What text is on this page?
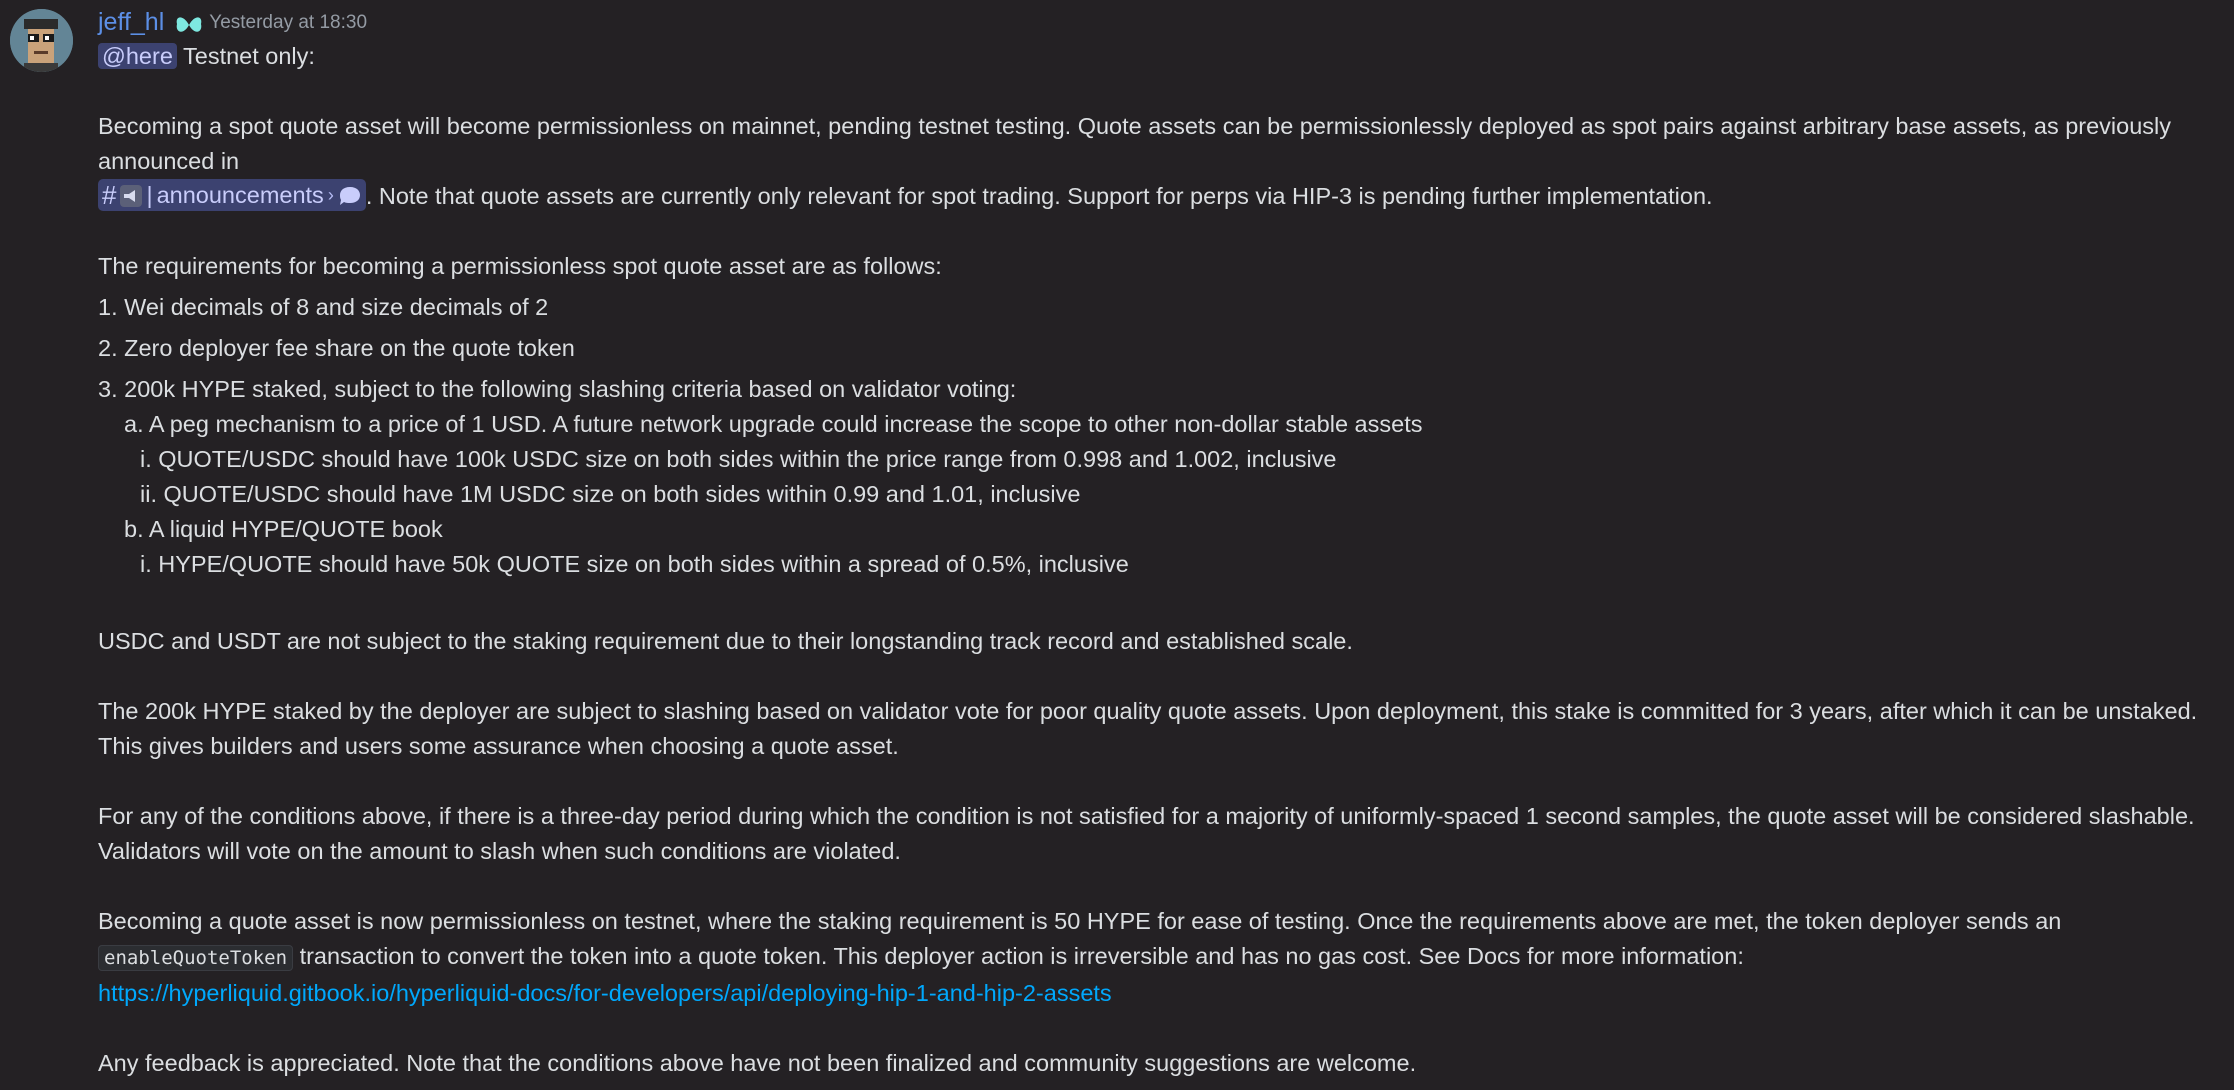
jeff_hl Yesterday at 18:30

@here Testnet only:

Becoming a spot quote asset will become permissionless on mainnet, pending testnet testing. Quote assets can be permissionlessly deployed as spot pairs against arbitrary base assets, as previously announced in

# | announcements › . Note that quote assets are currently only relevant for spot trading. Support for perps via HIP-3 is pending further implementation.

The requirements for becoming a permissionless spot quote asset are as follows:

1. Wei decimals of 8 and size decimals of 2

2. Zero deployer fee share on the quote token

3. 200k HYPE staked, subject to the following slashing criteria based on validator voting:

a. A peg mechanism to a price of 1 USD. A future network upgrade could increase the scope to other non-dollar stable assets

i. QUOTE/USDC should have 100k USDC size on both sides within the price range from 0.998 and 1.002, inclusive

ii. QUOTE/USDC should have 1M USDC size on both sides within 0.99 and 1.01, inclusive

b. A liquid HYPE/QUOTE book

i. HYPE/QUOTE should have 50k QUOTE size on both sides within a spread of 0.5%, inclusive

USDC and USDT are not subject to the staking requirement due to their longstanding track record and established scale.

The 200k HYPE staked by the deployer are subject to slashing based on validator vote for poor quality quote assets. Upon deployment, this stake is committed for 3 years, after which it can be unstaked. This gives builders and users some assurance when choosing a quote asset.

For any of the conditions above, if there is a three-day period during which the condition is not satisfied for a majority of uniformly-spaced 1 second samples, the quote asset will be considered slashable. Validators will vote on the amount to slash when such conditions are violated.

Becoming a quote asset is now permissionless on testnet, where the staking requirement is 50 HYPE for ease of testing. Once the requirements above are met, the token deployer sends an
enableQuoteToken transaction to convert the token into a quote token. This deployer action is irreversible and has no gas cost. See Docs for more information:
https://hyperliquid.gitbook.io/hyperliquid-docs/for-developers/api/deploying-hip-1-and-hip-2-assets

Any feedback is appreciated. Note that the conditions above have not been finalized and community suggestions are welcome.
